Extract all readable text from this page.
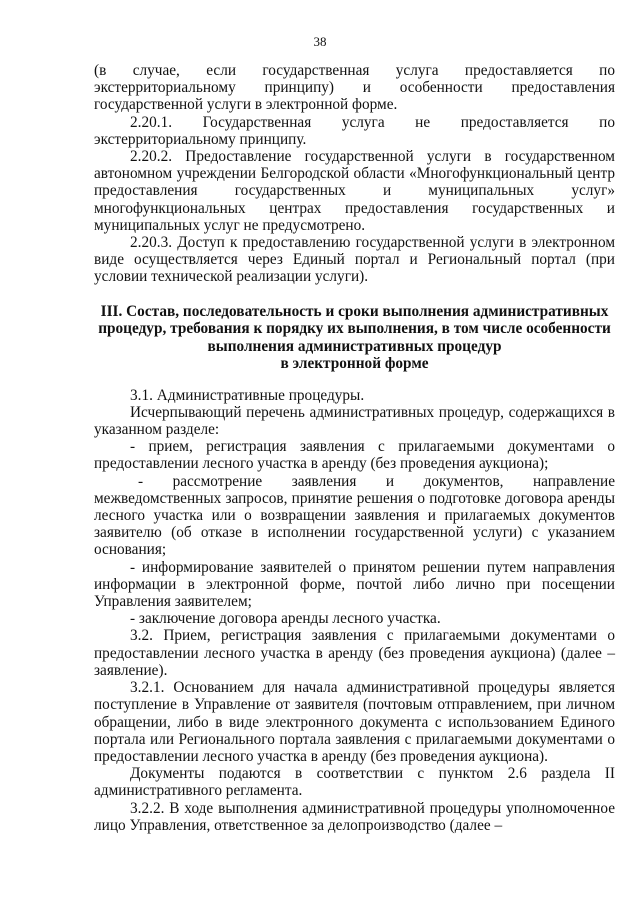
38

(в случае, если государственная услуга предоставляется по экстерриториальному принципу) и особенности предоставления государственной услуги в электронной форме.

2.20.1. Государственная услуга не предоставляется по экстерриториальному принципу.

2.20.2. Предоставление государственной услуги в государственном автономном учреждении Белгородской области «Многофункциональный центр предоставления государственных и муниципальных услуг» многофункциональных центрах предоставления государственных и муниципальных услуг не предусмотрено.

2.20.3. Доступ к предоставлению государственной услуги в электронном виде осуществляется через Единый портал и Региональный портал (при условии технической реализации услуги).

III. Состав, последовательность и сроки выполнения административных
процедур, требования к порядку их выполнения, в том числе особенности
выполнения административных процедур
в электронной форме

3.1. Административные процедуры.

Исчерпывающий перечень административных процедур, содержащихся в указанном разделе:

- прием, регистрация заявления с прилагаемыми документами о предоставлении лесного участка в аренду (без проведения аукциона);

- рассмотрение заявления и документов, направление межведомственных запросов, принятие решения о подготовке договора аренды лесного участка или о возвращении заявления и прилагаемых документов заявителю (об отказе в исполнении государственной услуги) с указанием основания;

- информирование заявителей о принятом решении путем направления информации в электронной форме, почтой либо лично при посещении Управления заявителем;

- заключение договора аренды лесного участка.

3.2. Прием, регистрация заявления с прилагаемыми документами о предоставлении лесного участка в аренду (без проведения аукциона) (далее – заявление).

3.2.1. Основанием для начала административной процедуры является поступление в Управление от заявителя (почтовым отправлением, при личном обращении, либо в виде электронного документа с использованием Единого портала или Регионального портала заявления с прилагаемыми документами о предоставлении лесного участка в аренду (без проведения аукциона).

Документы подаются в соответствии с пунктом 2.6 раздела II административного регламента.

3.2.2. В ходе выполнения административной процедуры уполномоченное лицо Управления, ответственное за делопроизводство (далее –
